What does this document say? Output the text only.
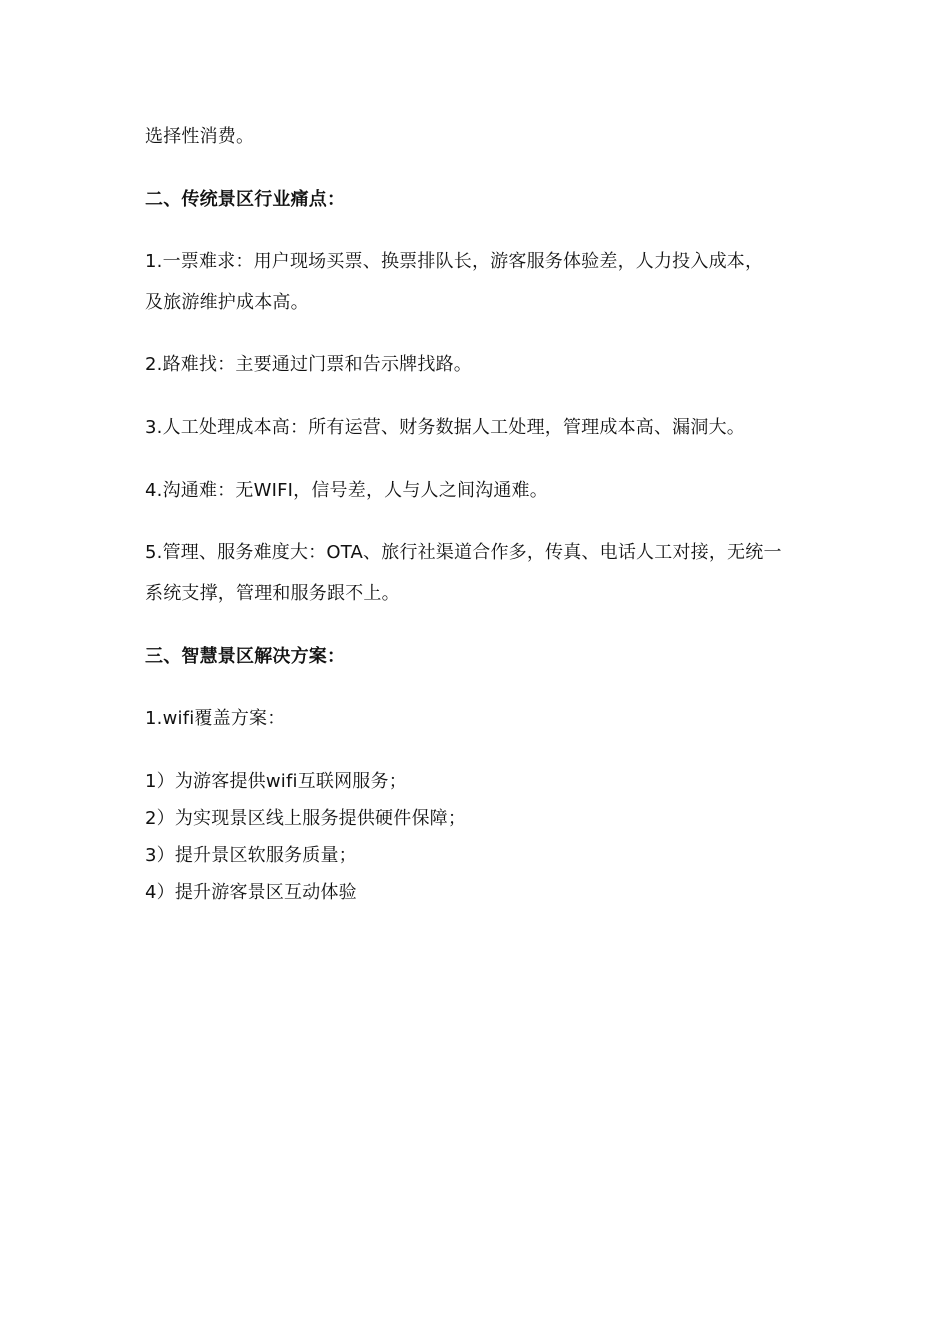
选择性消费。
二、传统景区行业痛点：
1.一票难求：用户现场买票、换票排队长，游客服务体验差，人力投入成本，
及旅游维护成本高。
2.路难找：主要通过门票和告示牌找路。
3.人工处理成本高：所有运营、财务数据人工处理，管理成本高、漏洞大。
4.沟通难：无WIFI，信号差，人与人之间沟通难。
5.管理、服务难度大：OTA、旅行社渠道合作多，传真、电话人工对接，无统一
系统支撑，管理和服务跟不上。
三、智慧景区解决方案：
1.wifi覆盖方案：
1）为游客提供wifi互联网服务；
2）为实现景区线上服务提供硬件保障；
3）提升景区软服务质量；
4）提升游客景区互动体验
